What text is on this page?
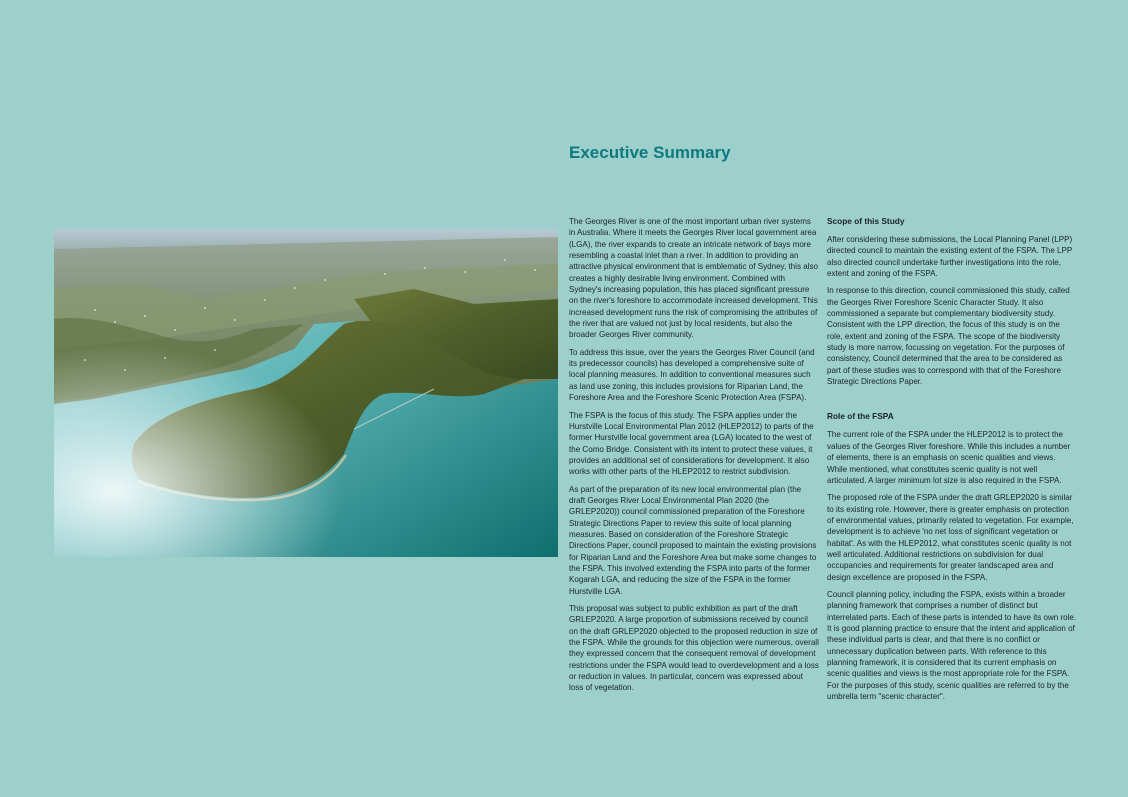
Executive Summary

The Georges River is one of the most important urban river systems in Australia. Where it meets the Georges River local government area (LGA), the river expands to create an intricate network of bays more resembling a coastal inlet than a river. In addition to providing an attractive physical environment that is emblematic of Sydney, this also creates a highly desirable living environment. Combined with Sydney's increasing population, this has placed significant pressure on the river's foreshore to accommodate increased development. This increased development runs the risk of compromising the attributes of the river that are valued not just by local residents, but also the broader Georges River community.

To address this issue, over the years the Georges River Council (and its predecessor councils) has developed a comprehensive suite of local planning measures. In addition to conventional measures such as land use zoning, this includes provisions for Riparian Land, the Foreshore Area and the Foreshore Scenic Protection Area (FSPA).

The FSPA is the focus of this study. The FSPA applies under the Hurstville Local Environmental Plan 2012 (HLEP2012) to parts of the former Hurstville local government area (LGA) located to the west of the Como Bridge. Consistent with its intent to protect these values, it provides an additional set of considerations for development. It also works with other parts of the HLEP2012 to restrict subdivision.

As part of the preparation of its new local environmental plan (the draft Georges River Local Environmental Plan 2020 (the GRLEP2020)) council commissioned preparation of the Foreshore Strategic Directions Paper to review this suite of local planning measures. Based on consideration of the Foreshore Strategic Directions Paper, council proposed to maintain the existing provisions for Riparian Land and the Foreshore Area but make some changes to the FSPA. This involved extending the FSPA into parts of the former Kogarah LGA, and reducing the size of the FSPA in the former Hurstville LGA.

This proposal was subject to public exhibition as part of the draft GRLEP2020. A large proportion of submissions received by council on the draft GRLEP2020 objected to the proposed reduction in size of the FSPA. While the grounds for this objection were numerous, overall they expressed concern that the consequent removal of development restrictions under the FSPA would lead to overdevelopment and a loss or reduction in values. In particular, concern was expressed about loss of vegetation.

Scope of this Study

After considering these submissions, the Local Planning Panel (LPP) directed council to maintain the existing extent of the FSPA. The LPP also directed council undertake further investigations into the role, extent and zoning of the FSPA.

In response to this direction, council commissioned this study, called the Georges River Foreshore Scenic Character Study. It also commissioned a separate but complementary biodiversity study. Consistent with the LPP direction, the focus of this study is on the role, extent and zoning of the FSPA. The scope of the biodiversity study is more narrow, focussing on vegetation. For the purposes of consistency, Council determined that the area to be considered as part of these studies was to correspond with that of the Foreshore Strategic Directions Paper.

Role of the FSPA

The current role of the FSPA under the HLEP2012 is to protect the values of the Georges River foreshore. While this includes a number of elements, there is an emphasis on scenic qualities and views. While mentioned, what constitutes scenic quality is not well articulated. A larger minimum lot size is also required in the FSPA.

The proposed role of the FSPA under the draft GRLEP2020 is similar to its existing role. However, there is greater emphasis on protection of environmental values, primarily related to vegetation. For example, development is to achieve 'no net loss of significant vegetation or habitat'. As with the HLEP2012, what constitutes scenic quality is not well articulated. Additional restrictions on subdivision for dual occupancies and requirements for greater landscaped area and design excellence are proposed in the FSPA.

Council planning policy, including the FSPA, exists within a broader planning framework that comprises a number of distinct but interrelated parts. Each of these parts is intended to have its own role. It is good planning practice to ensure that the intent and application of these individual parts is clear, and that there is no conflict or unnecessary duplication between parts. With reference to this planning framework, it is considered that its current emphasis on scenic qualities and views is the most appropriate role for the FSPA. For the purposes of this study, scenic qualities are referred to by the umbrella term "scenic character".
